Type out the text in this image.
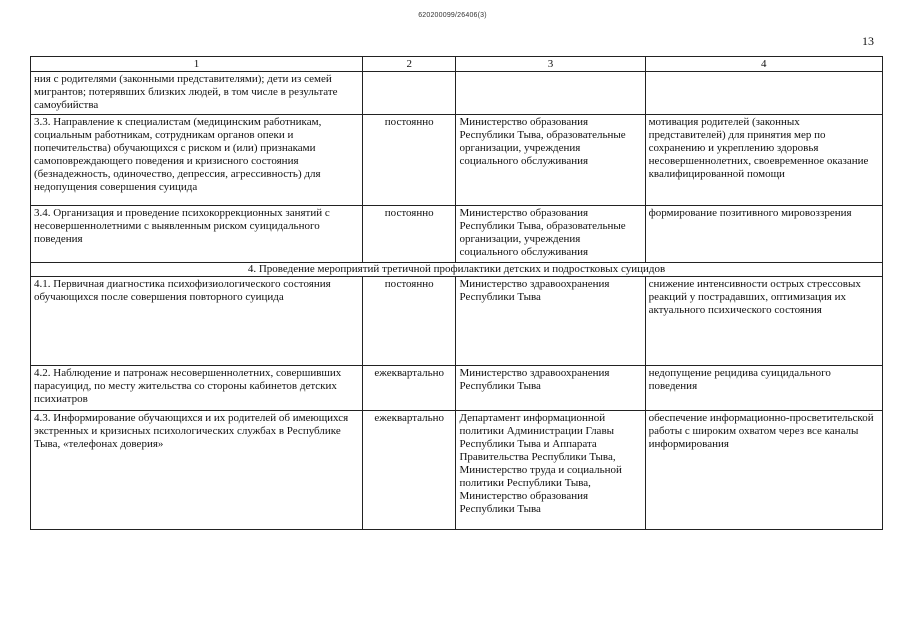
620200099/26406(3)
13
1	2	3	4
ния с родителями (законными представителями); дети из семей мигрантов; потерявших близких людей, в том числе в результате самоубийства			
3.3. Направление к специалистам (медицинским работникам, социальным работникам, сотрудникам органов опеки и попечительства) обучающихся с риском и (или) признаками самоповреждающего поведения и кризисного состояния (безнадежность, одиночество, депрессия, агрессивность) для недопущения совершения суицида	постоянно	Министерство образования Республики Тыва, образовательные организации, учреждения социального обслуживания	мотивация родителей (законных представителей) для принятия мер по сохранению и укреплению здоровья несовершеннолетних, своевременное оказание квалифицированной помощи
3.4. Организация и проведение психокоррекционных занятий с несовершеннолетними с выявленным риском суицидального поведения	постоянно	Министерство образования Республики Тыва, образовательные организации, учреждения социального обслуживания	формирование позитивного мировоззрения
4. Проведение мероприятий третичной профилактики детских и подростковых суицидов			
4.1. Первичная диагностика психофизиологического состояния обучающихся после совершения повторного суицида	постоянно	Министерство здравоохранения Республики Тыва	снижение интенсивности острых стрессовых реакций у пострадавших, оптимизация их актуального психического состояния
4.2. Наблюдение и патронаж несовершеннолетних, совершивших парасуицид, по месту жительства со стороны кабинетов детских психиатров	ежеквартально	Министерство здравоохранения Республики Тыва	недопущение рецидива суицидального поведения
4.3. Информирование обучающихся и их родителей об имеющихся экстренных и кризисных психологических службах в Республике Тыва, «телефонах доверия»	ежеквартально	Департамент информационной политики Администрации Главы Республики Тыва и Аппарата Правительства Республики Тыва, Министерство труда и социальной политики Республики Тыва, Министерство образования Республики Тыва	обеспечение информационно-просветительской работы с широким охватом через все каналы информирования
